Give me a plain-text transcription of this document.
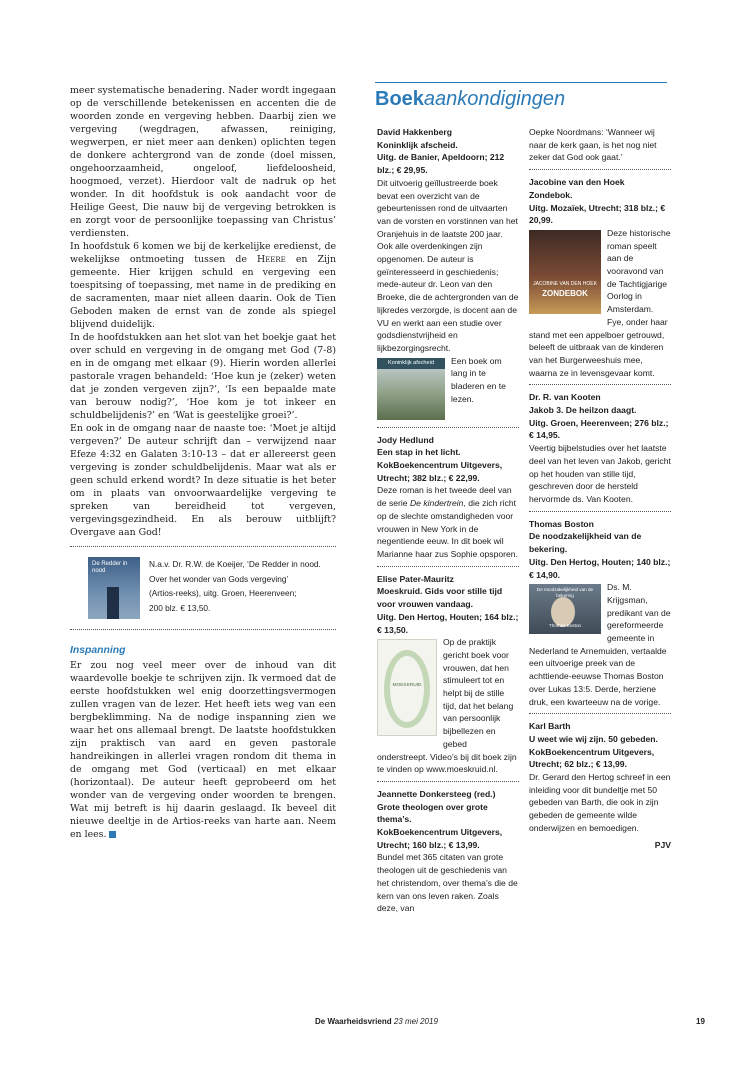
meer systematische benadering. Nader wordt ingegaan op de verschillende betekenissen en accenten die de woorden zonde en vergeving hebben. Daarbij zien we vergeving (wegdragen, afwassen, reiniging, wegwerpen, er niet meer aan denken) oplichten tegen de donkere achtergrond van de zonde (doel missen, ongehoorzaamheid, ongeloof, liefdeloosheid, hoogmoed, verzet). Hierdoor valt de nadruk op het wonder. In dit hoofdstuk is ook aandacht voor de Heilige Geest, Die nauw bij de vergeving betrokken is en zorgt voor de persoonlijke toepassing van Christus’ verdiensten.

In hoofdstuk 6 komen we bij de kerkelijke eredienst, de wekelijkse ontmoeting tussen de Heere en Zijn gemeente. Hier krijgen schuld en vergeving een toespitsing of toepassing, met name in de prediking en de sacramenten, maar niet alleen daarin. Ook de Tien Geboden maken de ernst van de zonde als spiegel blijvend duidelijk.

In de hoofdstukken aan het slot van het boekje gaat het over schuld en vergeving in de omgang met God (7-8) en in de omgang met elkaar (9). Hierin worden allerlei pastorale vragen behandeld: ‘Hoe kun je (zeker) weten dat je zonden vergeven zijn?’, ‘Is een bepaalde mate van berouw nodig?’, ‘Hoe kom je tot inkeer en schuldbelijdenis?’ en ‘Wat is geestelijke groei?’.

En ook in de omgang naar de naaste toe: ‘Moet je altijd vergeven?’ De auteur schrijft dan – verwijzend naar Efeze 4:32 en Galaten 3:10-13 – dat er allereerst geen vergeving is zonder schuldbelijdenis. Maar wat als er geen schuld erkend wordt? In deze situatie is het beter om in plaats van onvoorwaardelijke vergeving te spreken van bereidheid tot vergeven, vergevingsgezindheid. En als berouw uitblijft? Overgave aan God!

De Redder in nood
N.a.v. Dr. R.W. de Koeijer, ‘De Redder in nood.
Over het wonder van Gods vergeving’
(Artios-reeks), uitg. Groen, Heerenveen;
200 blz. € 13,50.
Inspanning

Er zou nog veel meer over de inhoud van dit waardevolle boekje te schrijven zijn. Ik vermoed dat de eerste hoofdstukken wel enig doorzettingsvermogen zullen vragen van de lezer. Het heeft iets weg van een bergbeklimming. Na de nodige inspanning zien we waar het ons allemaal brengt. De laatste hoofdstukken zijn praktisch van aard en geven pastorale handreikingen in allerlei vragen rondom dit thema in de omgang met God (verticaal) en met elkaar (horizontaal). De auteur heeft geprobeerd om het wonder van de vergeving onder woorden te brengen. Wat mij betreft is hij daarin geslaagd. Ik beveel dit nieuwe deeltje in de Artios-reeks van harte aan. Neem en lees.

Boekaankondigingen

David Hakkenberg

Koninklijk afscheid.

Uitg. de Banier, Apeldoorn; 212 blz.; € 29,95.

Dit uitvoerig geïllustreerde boek bevat een overzicht van de gebeurtenissen rond de uitvaarten van de vorsten en vorstinnen van het Oranjehuis in de laatste 200 jaar. Ook alle overdenkingen zijn opgenomen. De auteur is geïnteresseerd in geschiedenis; mede-auteur dr. Leon van den Broeke, die de achtergronden van de lijkredes verzorgde, is docent aan de VU en werkt aan een studie over godsdienstvrijheid en lijkbezorgingsrecht.

Koninklijk afscheid	Een boek om lang in te bladeren en te lezen.

Jody Hedlund

Een stap in het licht.

KokBoekencentrum Uitgevers, Utrecht; 382 blz.; € 22,99.

Deze roman is het tweede deel van de serie De kindertrein, die zich richt op de slechte omstandigheden voor vrouwen in New York in de negentiende eeuw. In dit boek wil Marianne haar zus Sophie opsporen.

Elise Pater-Mauritz

Moeskruid. Gids voor stille tijd voor vrouwen vandaag.

Uitg. Den Hertog, Houten; 164 blz.; € 13,50.

MOESKRUID

Op de praktijk gericht boek voor vrouwen, dat hen stimuleert tot en helpt bij de stille tijd, dat het belang van persoonlijk bijbellezen en gebed onderstreept. Video’s bij dit boek zijn te vinden op www.moeskruid.nl.

Jeannette Donkersteeg (red.)

Grote theologen over grote thema’s.

KokBoekencentrum Uitgevers, Utrecht; 160 blz.; € 13,99.

Bundel met 365 citaten van grote theologen uit de geschiedenis van het christendom, over thema’s die de kern van ons leven raken. Zoals deze, van

Oepke Noordmans: ‘Wanneer wij naar de kerk gaan, is het nog niet zeker dat God ook gaat.’

Jacobine van den Hoek

Zondebok.

Uitg. Mozaïek, Utrecht; 318 blz.; € 20,99.

JACOBINE VAN DEN HOEK
ZONDEBOK

Deze historische roman speelt aan de vooravond van de Tachtigjarige Oorlog in Amsterdam. Fye, onder haar stand met een appelboer getrouwd, beleeft de uitbraak van de kinderen van het Burgerweeshuis mee, waarna ze in levensgevaar komt.

Dr. R. van Kooten

Jakob 3. De heilzon daagt.

Uitg. Groen, Heerenveen; 276 blz.; € 14,95.

Veertig bijbelstudies over het laatste deel van het leven van Jakob, gericht op het houden van stille tijd, geschreven door de hersteld hervormde ds. Van Kooten.

Thomas Boston

De noodzakelijkheid van de bekering.

Uitg. Den Hertog, Houten; 140 blz.; € 14,90.

De noodzakelijkheid van de bekering
Thomas Boston

Ds. M. Krijgsman, predikant van de gereformeerde gemeente in Nederland te Arnemuiden, vertaalde een uitvoerige preek van de achttiende-eeuwse Thomas Boston over Lukas 13:5. Derde, herziene druk, een kwarteeuw na de vorige.

Karl Barth

U weet wie wij zijn. 50 gebeden.

KokBoekencentrum Uitgevers, Utrecht; 62 blz.; € 13,99.

Dr. Gerard den Hertog schreef in een inleiding voor dit bundeltje met 50 gebeden van Barth, die ook in zijn gebeden de gemeente wilde onderwijzen en bemoedigen.

PJV
De Waarheidsvriend 23 mei 2019	19
